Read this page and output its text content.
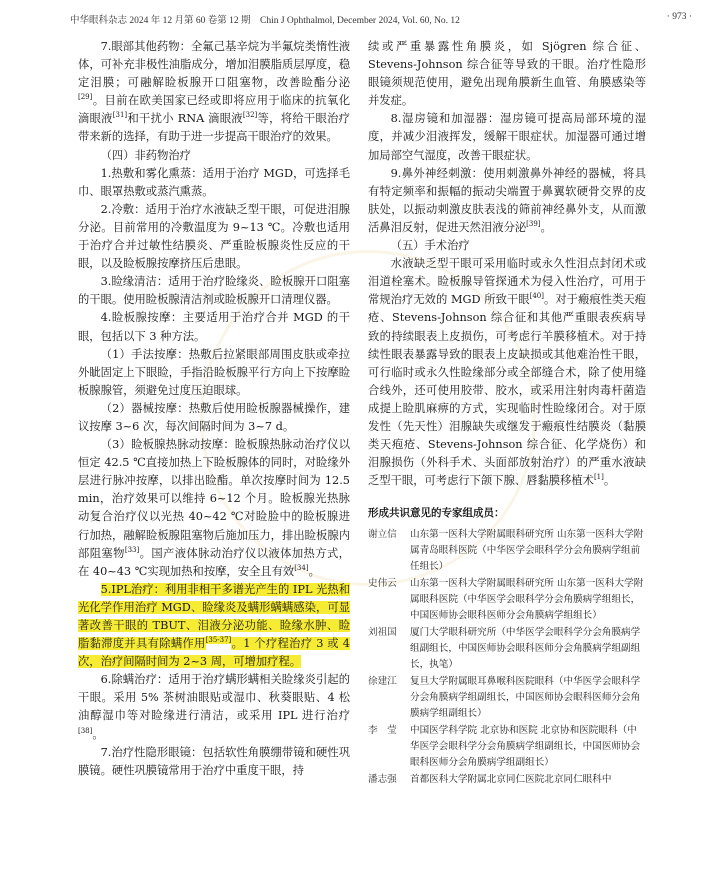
中华眼科杂志 2024 年 12 月第 60 卷第 12 期　Chin J Ophthalmol, December 2024, Vol. 60, No. 12	· 973 ·

7.眼部其他药物：全氟己基辛烷为半氟烷类惰性液体，可补充非极性油脂成分，增加泪膜脂质层厚度，稳定泪膜；可融解睑板腺开口阻塞物，改善睑酯分泌[29]。目前在欧美国家已经或即将应用于临床的抗氧化滴眼液[31]和干扰小 RNA 滴眼液[32]等，将给干眼治疗带来新的选择，有助于进一步提高干眼治疗的效果。

（四）非药物治疗

1.热敷和雾化熏蒸：适用于治疗 MGD，可选择毛巾、眼罩热敷或蒸汽熏蒸。

2.冷敷：适用于治疗水液缺乏型干眼，可促进泪腺分泌。目前常用的冷敷温度为 9~13 ℃。冷敷也适用于治疗合并过敏性结膜炎、严重睑板腺炎性反应的干眼，以及睑板腺按摩挤压后患眼。

3.睑缘清洁：适用于治疗睑缘炎、睑板腺开口阻塞的干眼。使用睑板腺清洁剂或睑板腺开口清理仪器。

4.睑板腺按摩：主要适用于治疗合并 MGD 的干眼，包括以下 3 种方法。

（1）手法按摩：热敷后拉紧眼部周围皮肤或牵拉外眦固定上下眼睑，手指沿睑板腺平行方向上下按摩睑板腺腺管，须避免过度压迫眼球。

（2）器械按摩：热敷后使用睑板腺器械操作，建议按摩 3~6 次，每次间隔时间为 3~7 d。

（3）睑板腺热脉动按摩：睑板腺热脉动治疗仪以恒定 42.5 ℃直接加热上下睑板腺体的同时，对睑缘外层进行脉冲按摩，以排出睑酯。单次按摩时间为 12.5 min，治疗效果可以维持 6~12 个月。睑板腺光热脉动复合治疗仪以光热 40~42 ℃对睑脸中的睑板腺进行加热，融解睑板腺阻塞物后施加压力，排出睑板腺内部阻塞物[33]。国产液体脉动治疗仪以液体加热方式，在 40~43 ℃实现加热和按摩，安全且有效[34]。

5.IPL治疗：利用非相干多谱光产生的 IPL 光热和光化学作用治疗 MGD、睑缘炎及螨形螨螨感染，可显著改善干眼的 TBUT、泪液分泌功能、睑缘水肿、睑脂黏滞度并具有除螨作用[35-37]。1 个疗程治疗 3 或 4 次，治疗间隔时间为 2~3 周，可增加疗程。

6.除螨治疗：适用于治疗螨形螨相关睑缘炎引起的干眼。采用 5% 茶树油眼贴或湿巾、秋葵眼贴、4 松油醇湿巾等对睑缘进行清洁，或采用 IPL 进行治疗[38]。

7.治疗性隐形眼镜：包括软性角膜绷带镜和硬性巩膜镜。硬性巩膜镜常用于治疗中重度干眼，持

续或严重暴露性角膜炎，如 Sjögren 综合征、Stevens-Johnson 综合征等导致的干眼。治疗性隐形眼镜须规范使用，避免出现角膜新生血管、角膜感染等并发症。

8.湿房镜和加湿器：湿房镜可提高局部环境的湿度，并减少泪液挥发，缓解干眼症状。加湿器可通过增加局部空气湿度，改善干眼症状。

9.鼻外神经刺激：使用刺激鼻外神经的器械，将具有特定频率和振幅的振动尖端置于鼻翼软硬骨交界的皮肤处，以振动刺激皮肤表浅的筛前神经鼻外支，从而激活鼻泪反射，促进天然泪液分泌[39]。

（五）手术治疗

水液缺乏型干眼可采用临时或永久性泪点封闭术或泪道栓塞术。睑板腺导管探通术为侵入性治疗，可用于常规治疗无效的 MGD 所致干眼[40]。对于瘢痕性类天疱疮、Stevens-Johnson 综合征和其他严重眼表疾病导致的持续眼表上皮损伤，可考虑行羊膜移植术。对于持续性眼表暴露导致的眼表上皮缺损或其他难治性干眼，可行临时或永久性睑缘部分或全部缝合术，除了使用缝合线外，还可使用胶带、胶水，或采用注射肉毒杆菌造成提上睑肌麻痹的方式，实现临时性睑缘闭合。对于原发性（先天性）泪腺缺失或继发于瘢痕性结膜炎（黏膜类天疱疮、Stevens-Johnson 综合征、化学烧伤）和泪腺损伤（外科手术、头面部放射治疗）的严重水液缺乏型干眼，可考虑行下颌下腺、唇黏膜移植术[1]。

形成共识意见的专家组成员：
谢立信	山东第一医科大学附属眼科研究所 山东第一医科大学附属青岛眼科医院（中华医学会眼科学分会角膜病学组前任组长）
史伟云	山东第一医科大学附属眼科研究所 山东第一医科大学附属眼科医院（中华医学会眼科学分会角膜病学组组长，中国医师协会眼科医师分会角膜病学组组长）
刘祖国	厦门大学眼科研究所（中华医学会眼科学分会角膜病学组副组长，中国医师协会眼科医师分会角膜病学组副组长，执笔）
徐建江	复旦大学附属眼耳鼻喉科医院眼科（中华医学会眼科学分会角膜病学组副组长，中国医师协会眼科医师分会角膜病学组副组长）
李　莹	中国医学科学院 北京协和医院 北京协和医院眼科（中华医学会眼科学分会角膜病学组副组长，中国医师协会眼科医师分会角膜病学组副组长）
潘志强	首都医科大学附属北京同仁医院北京同仁眼科中
